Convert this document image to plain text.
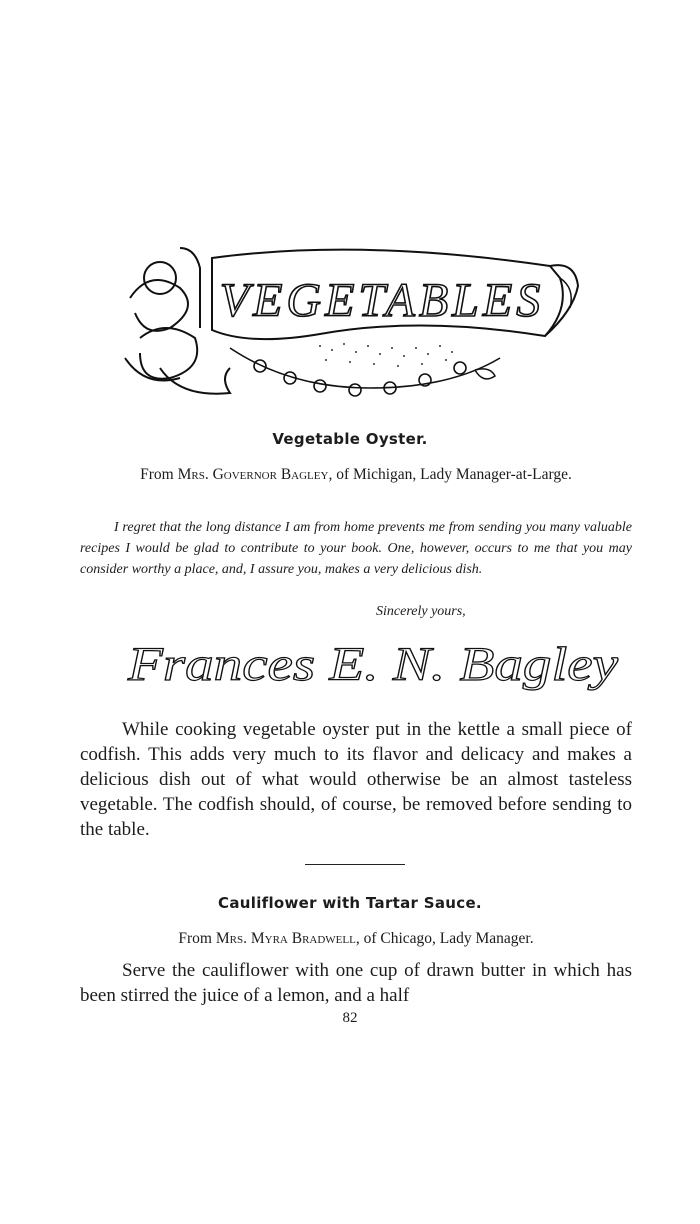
VEGETABLES
Vegetable Oyster.
From Mrs. Governor Bagley, of Michigan, Lady Manager-at-Large.
I regret that the long distance I am from home prevents me from sending you many valuable recipes I would be glad to contribute to your book. One, however, occurs to me that you may consider worthy a place, and, I assure you, makes a very delicious dish.
Sincerely yours,
Frances E. N. Bagley

While cooking vegetable oyster put in the kettle a small piece of codfish. This adds very much to its flavor and delicacy and makes a delicious dish out of what would otherwise be an almost tasteless vegetable. The codfish should, of course, be removed before sending to the table.

Cauliflower with Tartar Sauce.
From Mrs. Myra Bradwell, of Chicago, Lady Manager.

Serve the cauliflower with one cup of drawn butter in which has been stirred the juice of a lemon, and a half

82
